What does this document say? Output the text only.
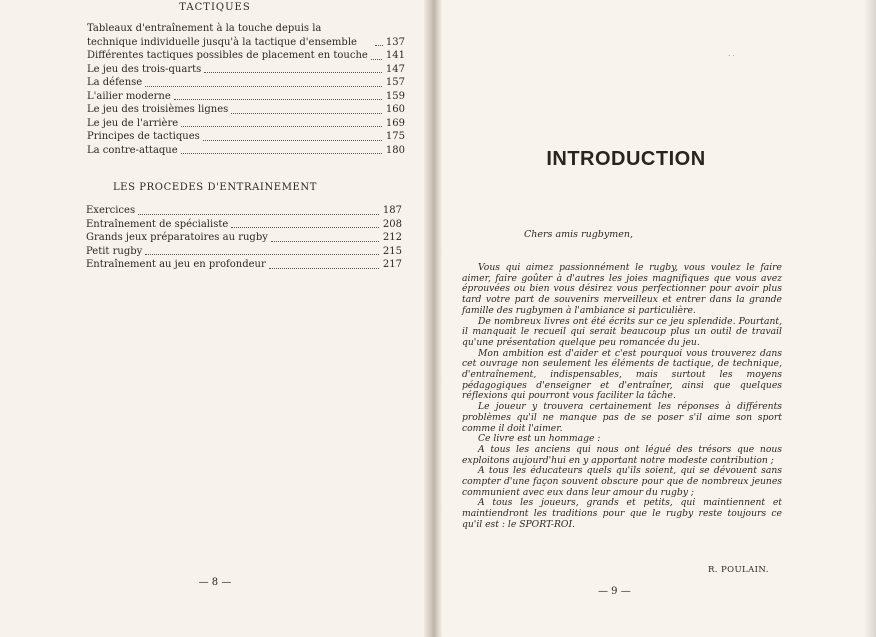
TACTIQUES
Tableaux d'entraînement à la touche depuis la technique individuelle jusqu'à la tactique d'ensemble	137
Différentes tactiques possibles de placement en touche 141
Le jeu des trois-quarts	147
La défense	157
L'ailier moderne	159
Le jeu des troisièmes lignes	160
Le jeu de l'arrière	169
Principes de tactiques	175
La contre-attaque	180
LES PROCEDES D'ENTRAINEMENT
Exercices	187
Entraînement de spécialiste	208
Grands jeux préparatoires au rugby	212
Petit rugby	215
Entraînement au jeu en profondeur	217
— 8 —
· ·
INTRODUCTION
Chers amis rugbymen,

Vous qui aimez passionnément le rugby, vous voulez le faire aimer, faire goûter à d'autres les joies magnifiques que vous avez éprouvées ou bien vous désirez vous perfectionner pour avoir plus tard votre part de souvenirs merveilleux et entrer dans la grande famille des rugbymen à l'ambiance si particulière.

De nombreux livres ont été écrits sur ce jeu splendide. Pourtant, il manquait le recueil qui serait beaucoup plus un outil de travail qu'une présentation quelque peu romancée du jeu.

Mon ambition est d'aider et c'est pourquoi vous trouverez dans cet ouvrage non seulement les éléments de tactique, de technique, d'entraînement, indispensables, mais surtout les moyens pédagogiques d'enseigner et d'entraîner, ainsi que quelques réflexions qui pourront vous faciliter la tâche.

Le joueur y trouvera certainement les réponses à différents problèmes qu'il ne manque pas de se poser s'il aime son sport comme il doit l'aimer.

Ce livre est un hommage :

A tous les anciens qui nous ont légué des trésors que nous exploitons aujourd'hui en y apportant notre modeste contribution ;

A tous les éducateurs quels qu'ils soient, qui se dévouent sans compter d'une façon souvent obscure pour que de nombreux jeunes communient avec eux dans leur amour du rugby ;

A tous les joueurs, grands et petits, qui maintiennent et maintiendront les traditions pour que le rugby reste toujours ce qu'il est : le SPORT-ROI.

R. POULAIN.
— 9 —
